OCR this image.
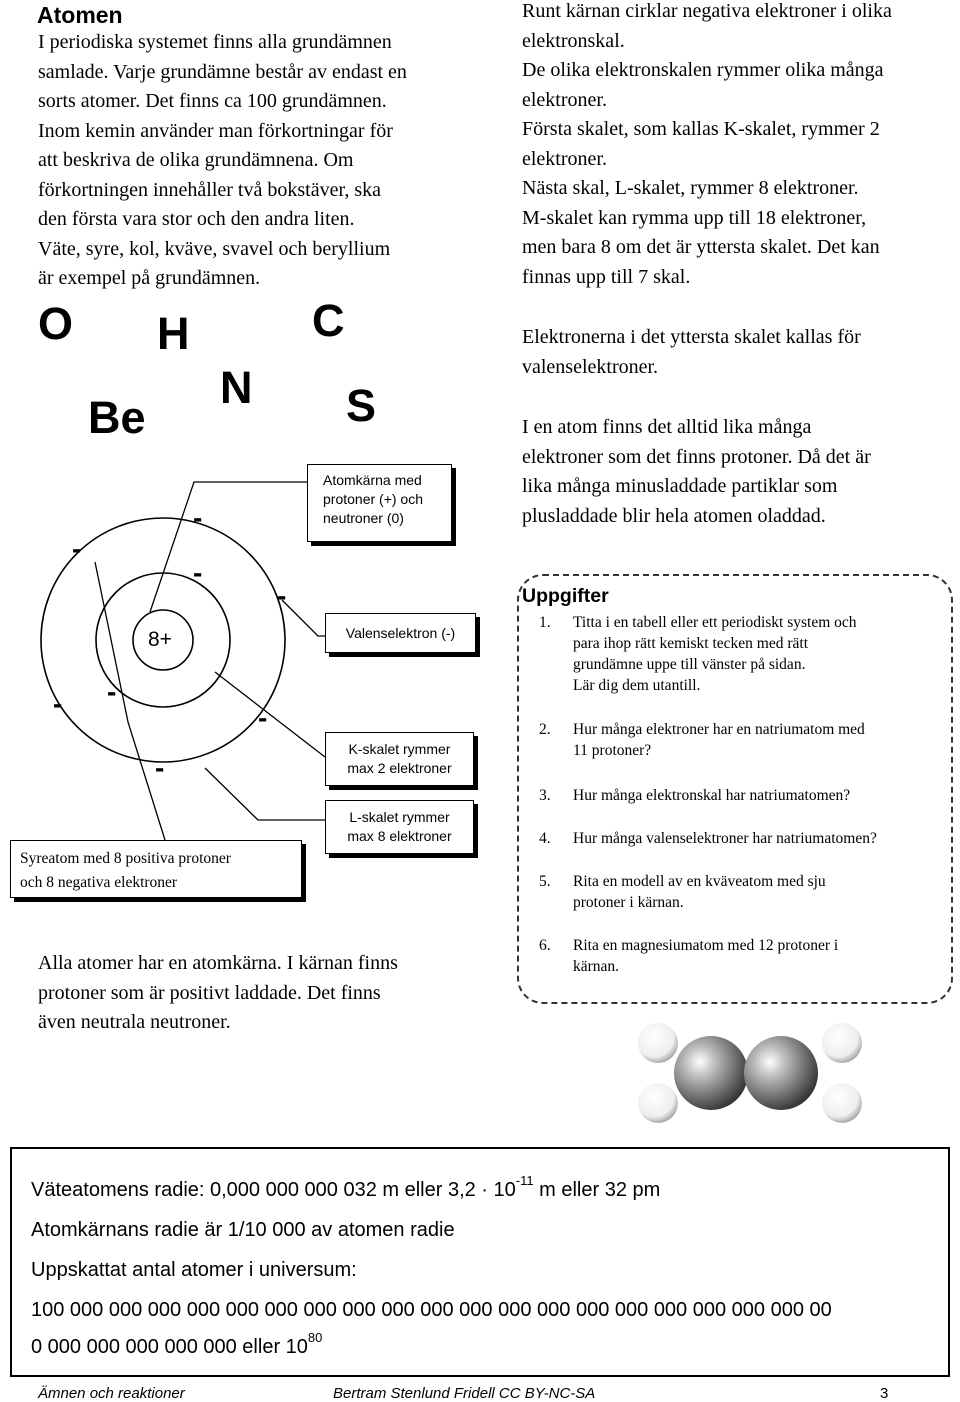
Atomen
I periodiska systemet finns alla grundämnen
samlade. Varje grundämne består av endast en
sorts atomer. Det finns ca 100 grundämnen.
Inom kemin använder man förkortningar för
att beskriva de olika grundämnena. Om
förkortningen innehåller två bokstäver, ska
den första vara stor och den andra liten.
Väte, syre, kol, kväve, svavel och beryllium
är exempel på grundämnen.
O H	C
N
Be	S
Runt kärnan cirklar negativa elektroner i olika
elektronskal.
De olika elektronskalen rymmer olika många
elektroner.
Första skalet, som kallas K-skalet, rymmer 2
elektroner.
Nästa skal, L-skalet, rymmer 8 elektroner.
M-skalet kan rymma upp till 18 elektroner,
men bara 8 om det är yttersta skalet. Det kan
finnas upp till 7 skal.
Elektronerna i det yttersta skalet kallas för
valenselektroner.
I en atom finns det alltid lika många
elektroner som det finns protoner. Då det är
lika många minusladdade partiklar som
plusladdade blir hela atomen oladdad.
-
-
-
-
-
-	-
-
8+
Atomkärna med
protoner (+) och
neutroner (0)
Valenselektron (-)
K-skalet rymmer
max 2 elektroner
L-skalet rymmer
max 8 elektroner
Syreatom med 8 positiva protoner
och 8 negativa elektroner
Alla atomer har en atomkärna. I kärnan finns
protoner som är positivt laddade. Det finns
även neutrala neutroner.
Uppgifter
1. Titta i en tabell eller ett periodiskt system och
para ihop rätt kemiskt tecken med rätt
grundämne uppe till vänster på sidan.
Lär dig dem utantill.
2. Hur många elektroner har en natriumatom med
11 protoner?
3. Hur många elektronskal har natriumatomen?
4. Hur många valenselektroner har natriumatomen?
5. Rita en modell av en kväveatom med sju
protoner i kärnan.
6. Rita en magnesiumatom med 12 protoner i
kärnan.
Väteatomens radie: 0,000 000 000 032 m eller $3,2 \cdot 10^{-11}$ m eller 32 pm
Atomkärnans radie är 1/10 000 av atomen radie
Uppskattat antal atomer i universum:
100 000 000 000 000 000 000 000 000 000 000 000 000 000 000 000 000 000 000 000 00
0 000 000 000 000 000 eller $10^{80}$
Ämnen och reaktioner	Bertram Stenlund Fridell CC BY-NC-SA	3
